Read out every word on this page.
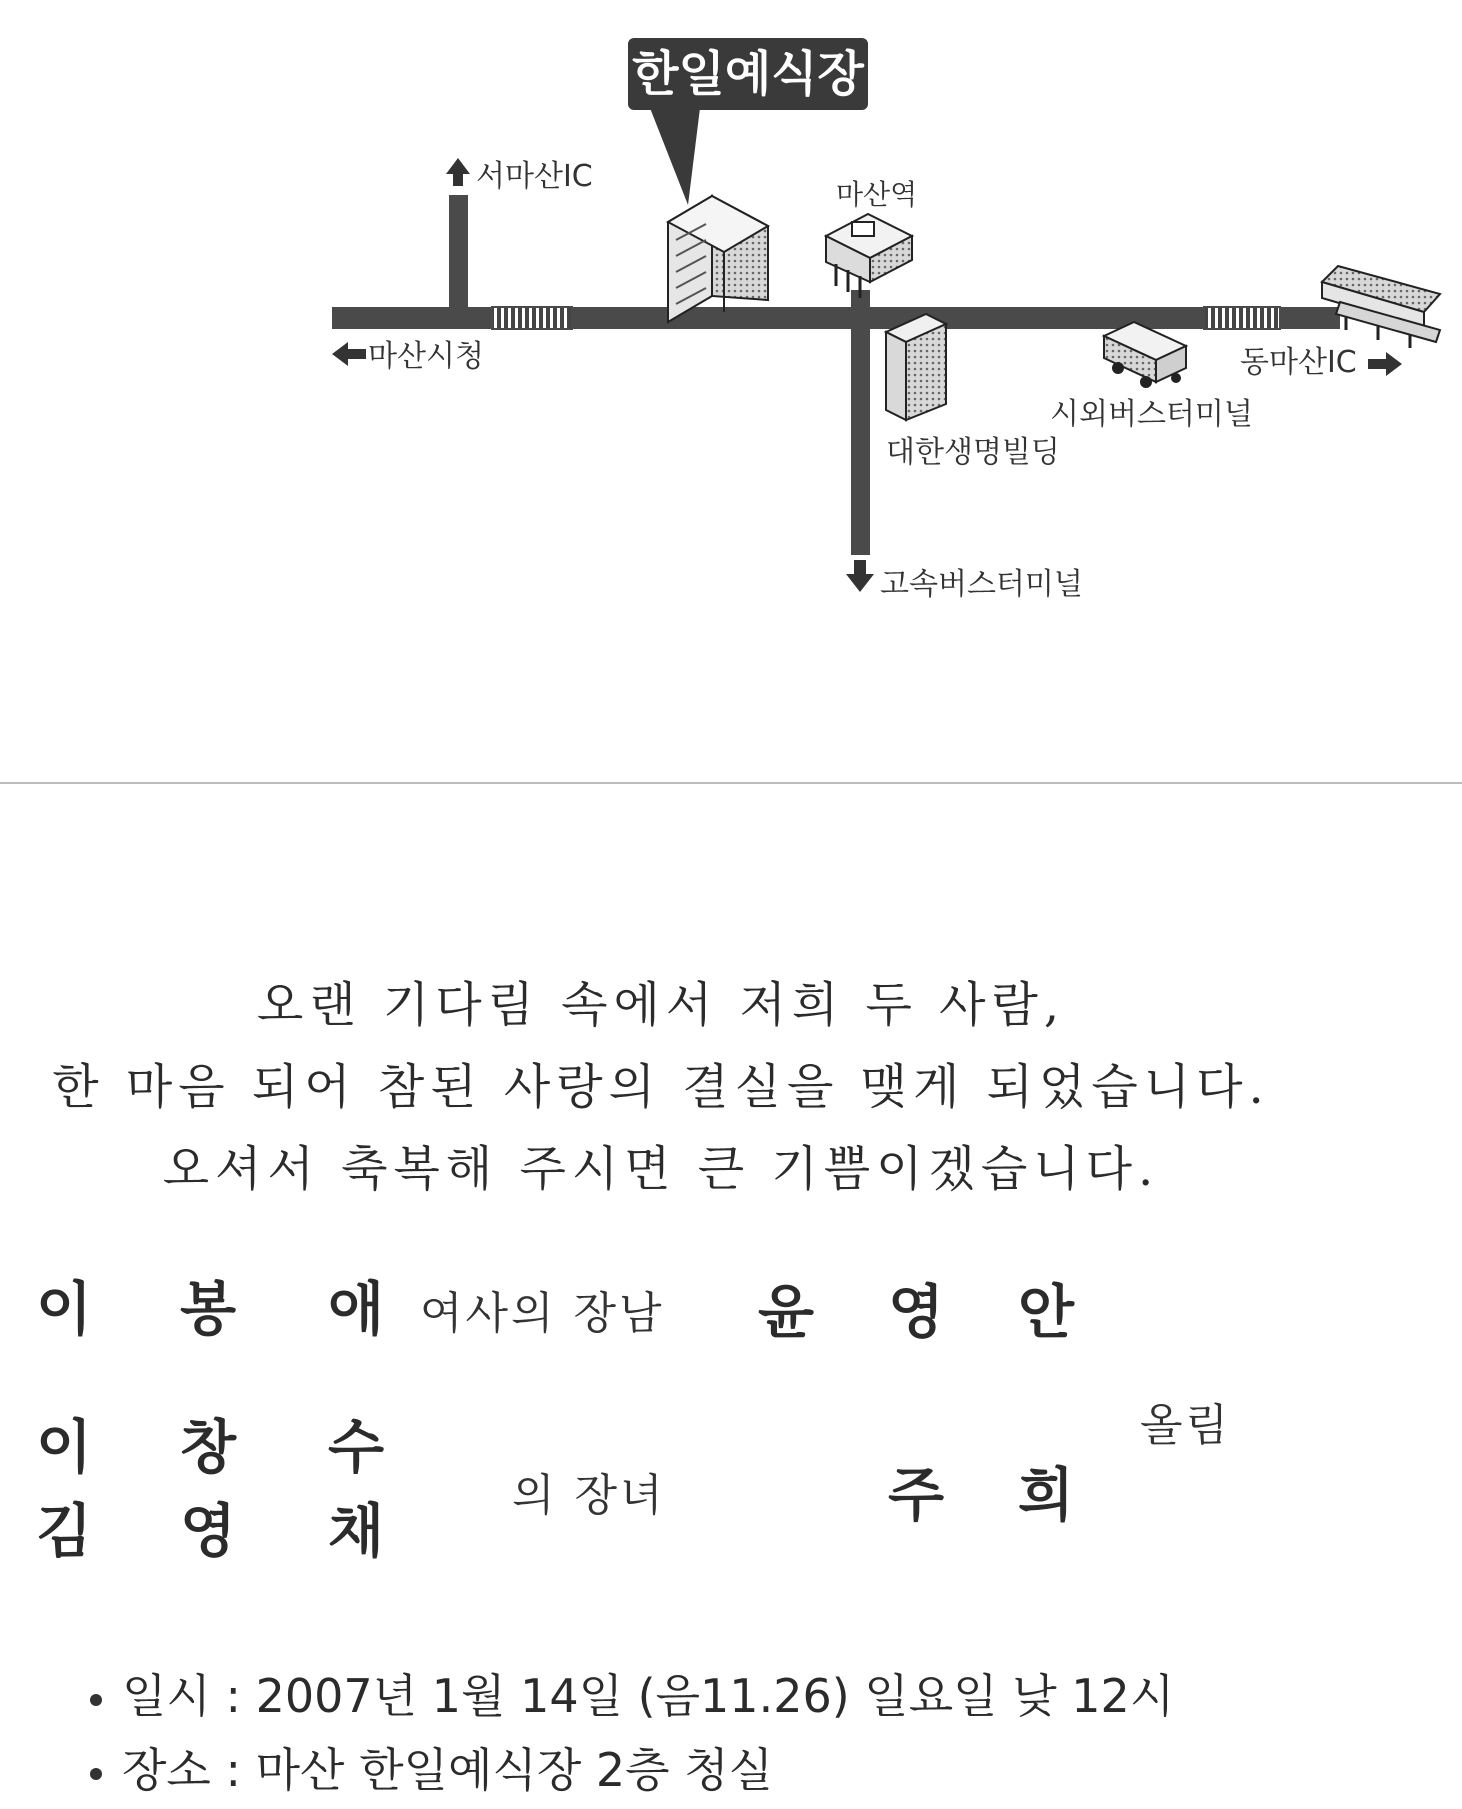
한일예식장
서마산IC
마산역
마산시청	동마산IC
시외버스터미널
대한생명빌딩
고속버스터미널
오랜 기다림 속에서 저희 두 사람,
한 마음 되어 참된 사랑의 결실을 맺게 되었습니다.
오셔서 축복해 주시면 큰 기쁨이겠습니다.
이 봉 애 여사의 장남 윤 영 안
이 창 수
김 영 채
의 장녀	주 희
올림
일시 : 2007년 1월 14일 (음11.26) 일요일 낮 12시
장소 : 마산 한일예식장 2층 청실
